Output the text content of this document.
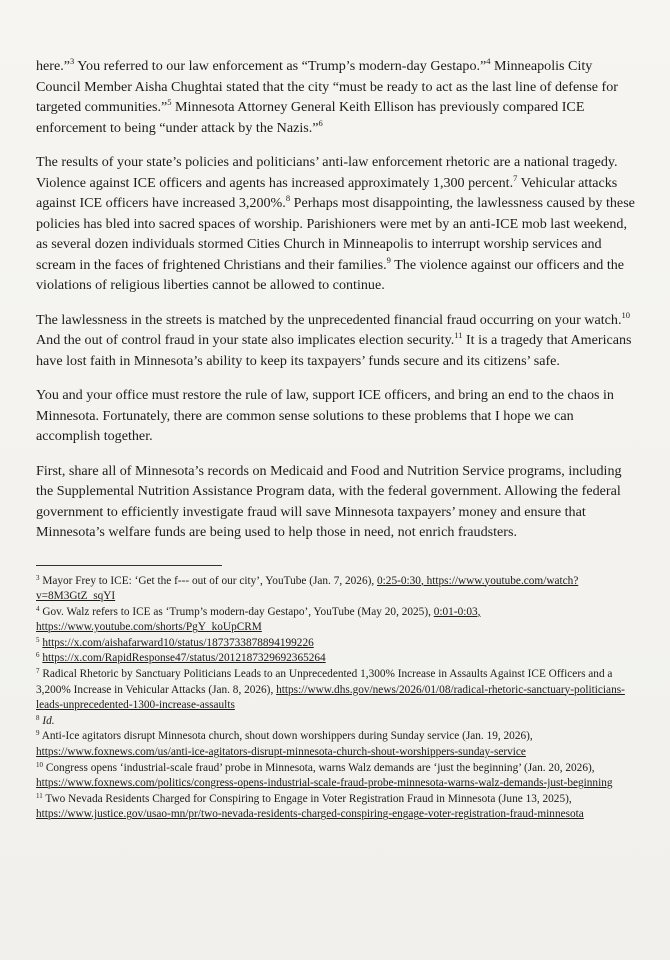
here.”$^3$ You referred to our law enforcement as “Trump’s modern-day Gestapo.”$^4$ Minneapolis City Council Member Aisha Chughtai stated that the city “must be ready to act as the last line of defense for targeted communities.”$^5$ Minnesota Attorney General Keith Ellison has previously compared ICE enforcement to being “under attack by the Nazis.”$^6$

The results of your state’s policies and politicians’ anti-law enforcement rhetoric are a national tragedy. Violence against ICE officers and agents has increased approximately 1,300 percent.$^7$ Vehicular attacks against ICE officers have increased 3,200%.$^8$ Perhaps most disappointing, the lawlessness caused by these policies has bled into sacred spaces of worship. Parishioners were met by an anti-ICE mob last weekend, as several dozen individuals stormed Cities Church in Minneapolis to interrupt worship services and scream in the faces of frightened Christians and their families.$^9$ The violence against our officers and the violations of religious liberties cannot be allowed to continue.

The lawlessness in the streets is matched by the unprecedented financial fraud occurring on your watch.$^{10}$ And the out of control fraud in your state also implicates election security.$^{11}$ It is a tragedy that Americans have lost faith in Minnesota’s ability to keep its taxpayers’ funds secure and its citizens’ safe.

You and your office must restore the rule of law, support ICE officers, and bring an end to the chaos in Minnesota. Fortunately, there are common sense solutions to these problems that I hope we can accomplish together.

First, share all of Minnesota’s records on Medicaid and Food and Nutrition Service programs, including the Supplemental Nutrition Assistance Program data, with the federal government. Allowing the federal government to efficiently investigate fraud will save Minnesota taxpayers’ money and ensure that Minnesota’s welfare funds are being used to help those in need, not enrich fraudsters.

$^3$ Mayor Frey to ICE: ‘Get the f--- out of our city’, YouTube (Jan. 7, 2026), 0:25-0:30, https://www.youtube.com/watch?v=8M3GtZ_sqYI

$^4$ Gov. Walz refers to ICE as ‘Trump’s modern-day Gestapo’, YouTube (May 20, 2025), 0:01-0:03, https://www.youtube.com/shorts/PgY_koUpCRM

$^5$ https://x.com/aishafarward10/status/1873733878894199226

$^6$ https://x.com/RapidResponse47/status/2012187329692365264

$^7$ Radical Rhetoric by Sanctuary Politicians Leads to an Unprecedented 1,300% Increase in Assaults Against ICE Officers and a 3,200% Increase in Vehicular Attacks (Jan. 8, 2026), https://www.dhs.gov/news/2026/01/08/radical-rhetoric-sanctuary-politicians-leads-unprecedented-1300-increase-assaults

$^8$ Id.

$^9$ Anti-Ice agitators disrupt Minnesota church, shout down worshippers during Sunday service (Jan. 19, 2026), https://www.foxnews.com/us/anti-ice-agitators-disrupt-minnesota-church-shout-worshippers-sunday-service

$^{10}$ Congress opens ‘industrial-scale fraud’ probe in Minnesota, warns Walz demands are ‘just the beginning’ (Jan. 20, 2026), https://www.foxnews.com/politics/congress-opens-industrial-scale-fraud-probe-minnesota-warns-walz-demands-just-beginning

$^{11}$ Two Nevada Residents Charged for Conspiring to Engage in Voter Registration Fraud in Minnesota (June 13, 2025), https://www.justice.gov/usao-mn/pr/two-nevada-residents-charged-conspiring-engage-voter-registration-fraud-minnesota
